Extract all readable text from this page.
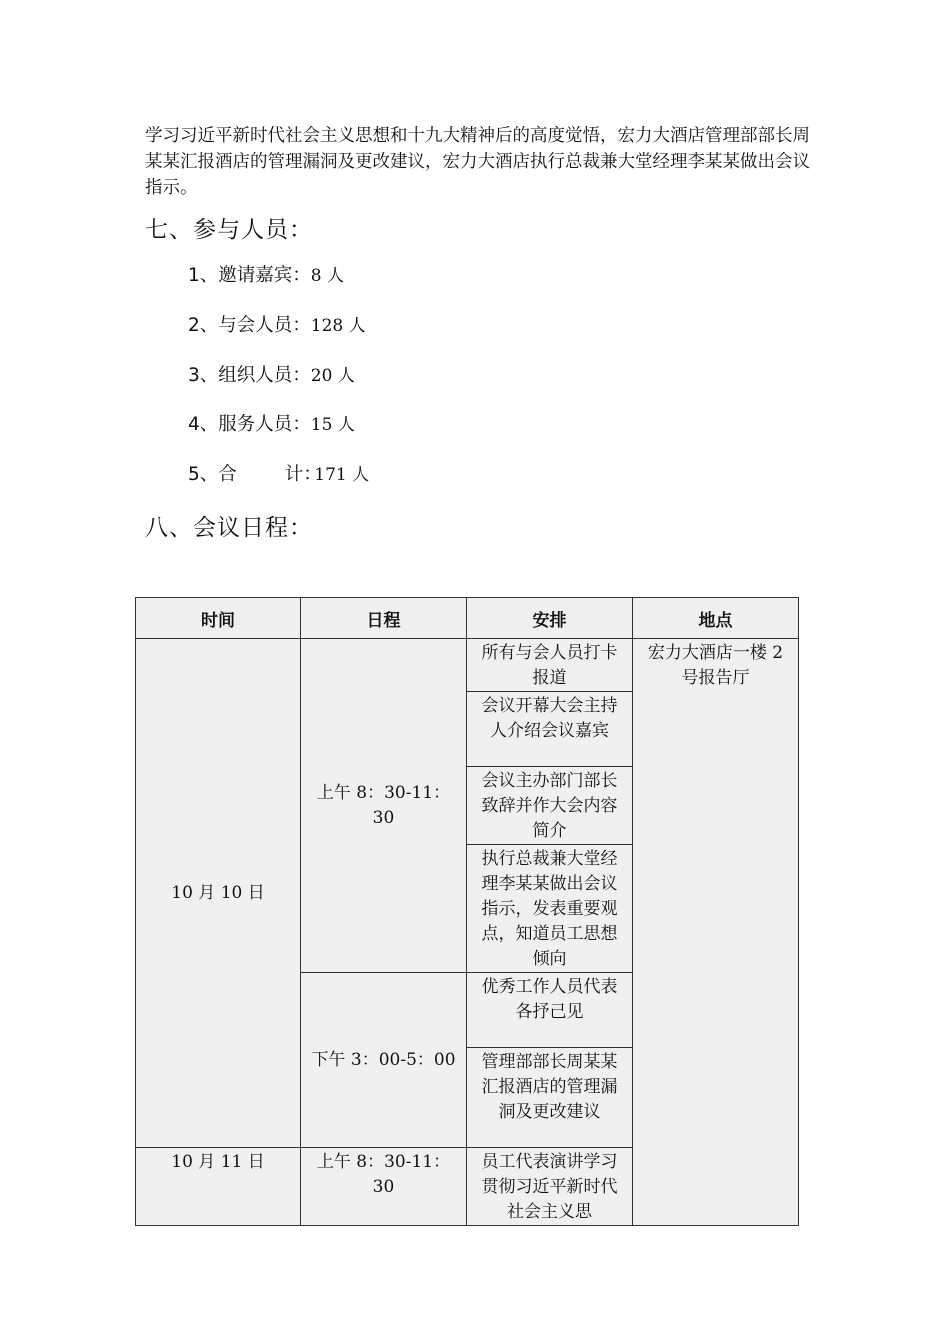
学习习近平新时代社会主义思想和十九大精神后的高度觉悟，宏力大酒店管理部部长周某某汇报酒店的管理漏洞及更改建议，宏力大酒店执行总裁兼大堂经理李某某做出会议指示。
七、参与人员：
1、邀请嘉宾：8 人
2、与会人员：128 人
3、组织人员：20 人
4、服务人员：15 人
5、合	计：171 人
八、会议日程：
时间	日程	安排	地点
10 月 10 日	上午 8：30-11：30	所有与会人员打卡报道	宏力大酒店一楼 2 号报告厅

		会议开幕大会主持人介绍会议嘉宾	
		会议主办部门部长致辞并作大会内容简介	
		执行总裁兼大堂经理李某某做出会议指示，发表重要观点，知道员工思想倾向	
	下午 3：00-5：00	优秀工作人员代表各抒己见	
		管理部部长周某某汇报酒店的管理漏洞及更改建议	
10 月 11 日	上午 8：30-11：30	员工代表演讲学习贯彻习近平新时代社会主义思	
